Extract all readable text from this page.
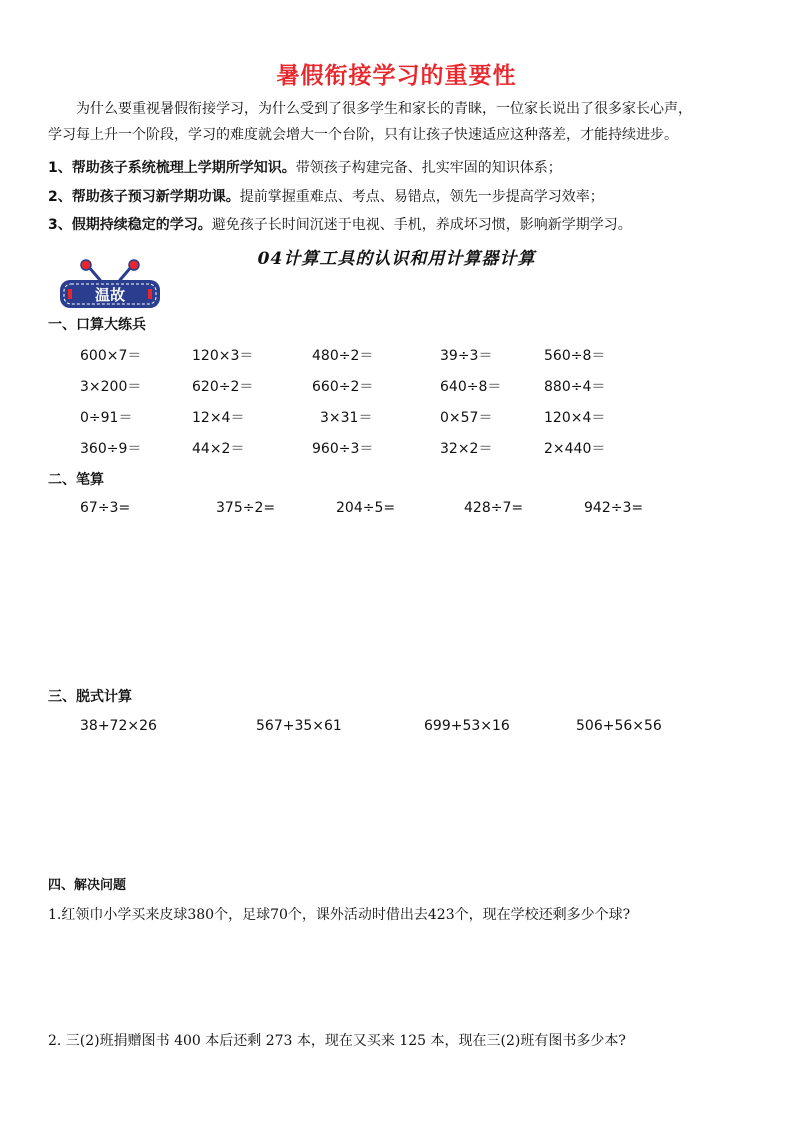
暑假衔接学习的重要性
为什么要重视暑假衔接学习，为什么受到了很多学生和家长的青睐，一位家长说出了很多家长心声，
学习每上升一个阶段，学习的难度就会增大一个台阶，只有让孩子快速适应这种落差，才能持续进步。
1、帮助孩子系统梳理上学期所学知识。带领孩子构建完备、扎实牢固的知识体系；
2、帮助孩子预习新学期功课。提前掌握重难点、考点、易错点，领先一步提高学习效率；
3、假期持续稳定的学习。避免孩子长时间沉迷于电视、手机，养成坏习惯，影响新学期学习。
04计算工具的认识和用计算器计算
温故
一、口算大练兵
600×7＝	120×3＝	480÷2＝	39÷3＝	560÷8＝
3×200＝	620÷2＝	660÷2＝	640÷8＝	880÷4＝
0÷91＝	12×4＝	3×31＝	0×57＝	120×4＝
360÷9＝	44×2＝	960÷3＝	32×2＝	2×440＝
二、笔算
67÷3=	375÷2=	204÷5=	428÷7=	942÷3=
三、脱式计算
38+72×26	567+35×61	699+53×16	506+56×56
四、解决问题
1.红领巾小学买来皮球380个，足球70个，课外活动时借出去423个，现在学校还剩多少个球?
2. 三(2)班捐赠图书 400 本后还剩 273 本，现在又买来 125 本，现在三(2)班有图书多少本?
